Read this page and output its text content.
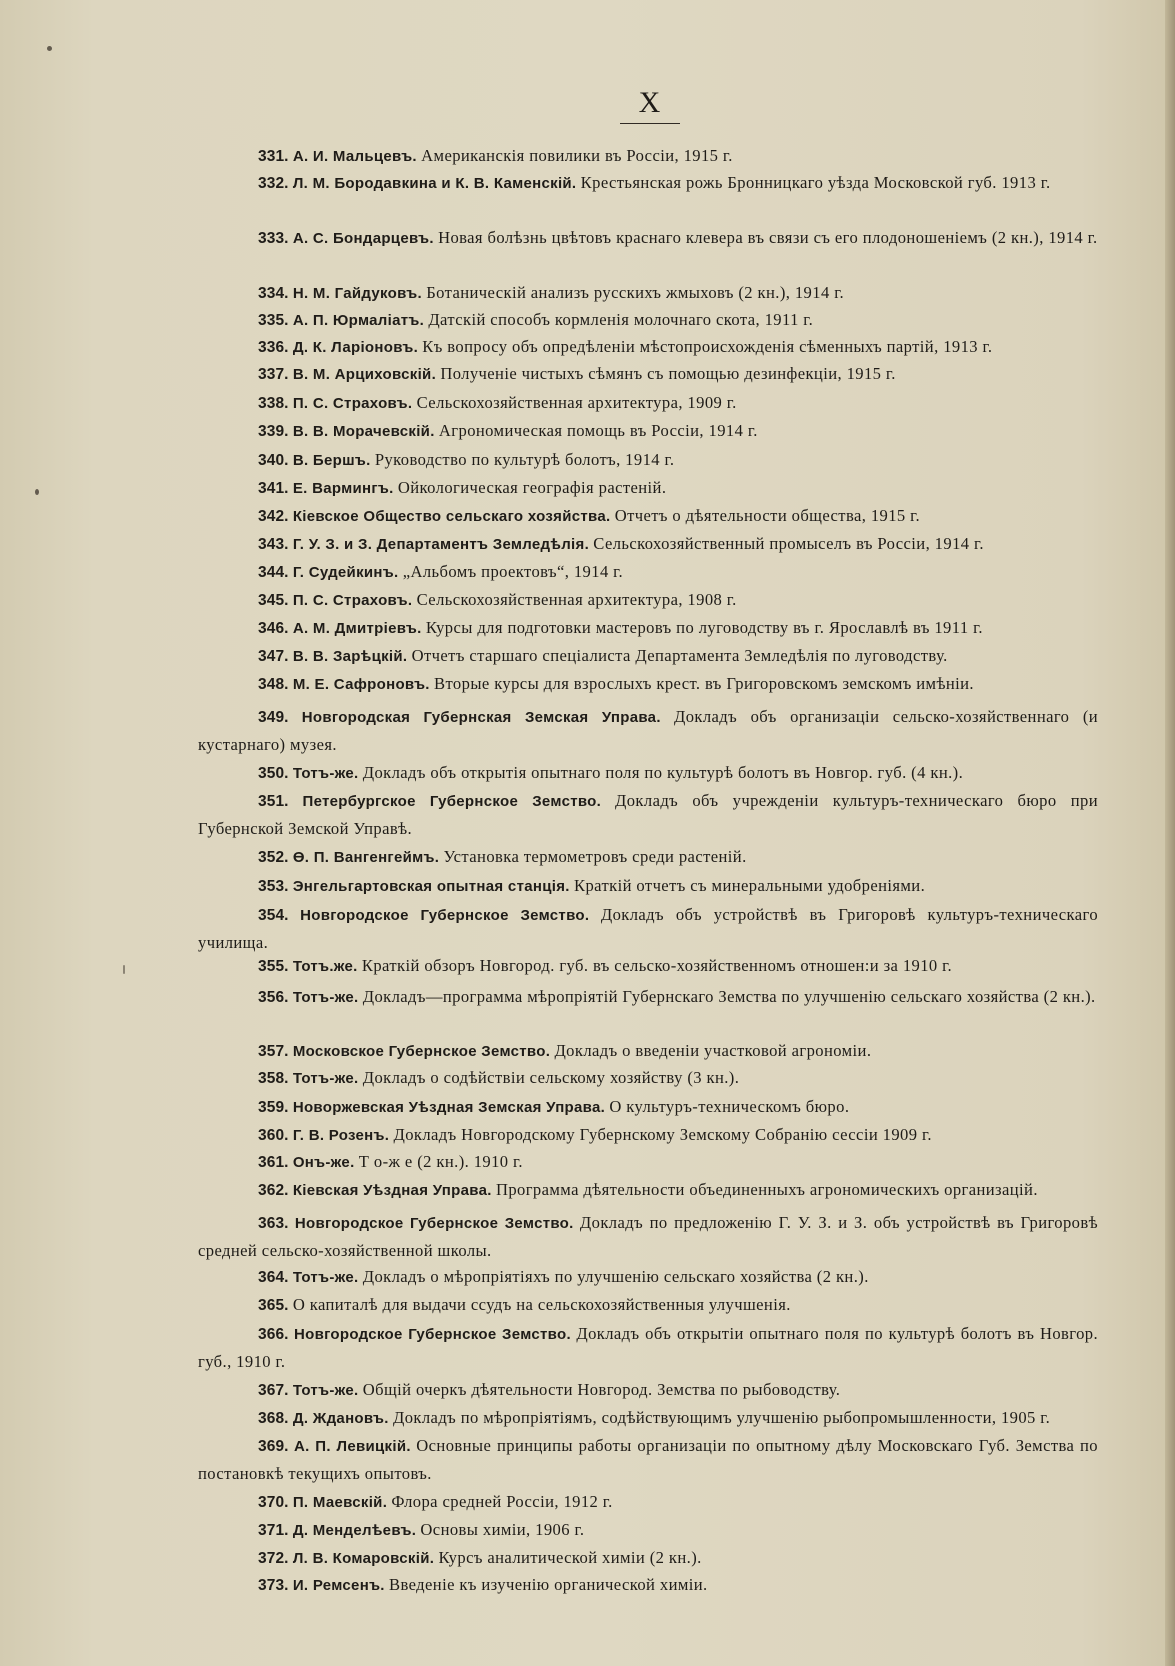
X
331. А. И. Мальцевъ. Американскія повилики въ Россіи, 1915 г.
332. Л. М. Бородавкина и К. В. Каменскій. Крестьянская рожь Бронницкаго уѣзда Московской губ. 1913 г.
333. А. С. Бондарцевъ. Новая болѣзнь цвѣтовъ краснаго клевера въ связи съ его плодоношеніемъ (2 кн.), 1914 г.
334. Н. М. Гайдуковъ. Ботаническій анализъ русскихъ жмыховъ (2 кн.), 1914 г.
335. А. П. Юрмаліатъ. Датскій способъ кормленія молочнаго скота, 1911 г.
336. Д. К. Ларіоновъ. Къ вопросу объ опредѣленіи мѣстопроисхожденія сѣменныхъ партій, 1913 г.
337. В. М. Арциховскій. Полученіе чистыхъ сѣмянъ съ помощью дезинфекціи, 1915 г.
338. П. С. Страховъ. Сельскохозяйственная архитектура, 1909 г.
339. В. В. Морачевскій. Агрономическая помощь въ Россіи, 1914 г.
340. В. Бершъ. Руководство по культурѣ болотъ, 1914 г.
341. Е. Вармингъ. Ойкологическая географія растеній.
342. Кіевское Общество сельскаго хозяйства. Отчетъ о дѣятельности общества, 1915 г.
343. Г. У. З. и З. Департаментъ Земледѣлія. Сельскохозяйственный промыселъ въ Россіи, 1914 г.
344. Г. Судейкинъ. „Альбомъ проектовъ“, 1914 г.
345. П. С. Страховъ. Сельскохозяйственная архитектура, 1908 г.
346. А. М. Дмитріевъ. Курсы для подготовки мастеровъ по луговодству въ г. Ярославлѣ въ 1911 г.
347. В. В. Зарѣцкій. Отчетъ старшаго спеціалиста Департамента Земледѣлія по луговодству.
348. М. Е. Сафроновъ. Вторые курсы для взрослыхъ крест. въ Григоровскомъ земскомъ имѣніи.
349. Новгородская Губернская Земская Управа. Докладъ объ организаціи сельско-хозяйственнаго (и кустарнаго) музея.
350. Тотъ-же. Докладъ объ открытія опытнаго поля по культурѣ болотъ въ Новгор. губ. (4 кн.).
351. Петербургское Губернское Земство. Докладъ объ учрежденіи культуръ-техническаго бюро при Губернской Земской Управѣ.
352. Ө. П. Вангенгеймъ. Установка термометровъ среди растеній.
353. Энгельгартовская опытная станція. Краткій отчетъ съ минеральными удобреніями.
354. Новгородское Губернское Земство. Докладъ объ устройствѣ въ Григоровѣ культуръ-техническаго училища.
355. Тотъ.же. Краткій обзоръ Новгород. губ. въ сельско-хозяйственномъ отношен:и за 1910 г.
356. Тотъ-же. Докладъ—программа мѣропріятій Губернскаго Земства по улучшенію сельскаго хозяйства (2 кн.).
357. Московское Губернское Земство. Докладъ о введеніи участковой агрономіи.
358. Тотъ-же. Докладъ о содѣйствіи сельскому хозяйству (3 кн.).
359. Новоржевская Уѣздная Земская Управа. О культуръ-техническомъ бюро.
360. Г. В. Розенъ. Докладъ Новгородскому Губернскому Земскому Собранію сессіи 1909 г.
361. Онъ-же. Т о-ж е (2 кн.). 1910 г.
362. Кіевская Уѣздная Управа. Программа дѣятельности объединенныхъ агрономическихъ организацій.
363. Новгородское Губернское Земство. Докладъ по предложенію Г. У. З. и З. объ устройствѣ въ Григоровѣ средней сельско-хозяйственной школы.
364. Тотъ-же. Докладъ о мѣропріятіяхъ по улучшенію сельскаго хозяйства (2 кн.).
365. О капиталѣ для выдачи ссудъ на сельскохозяйственныя улучшенія.
366. Новгородское Губернское Земство. Докладъ объ открытіи опытнаго поля по культурѣ болотъ въ Новгор. губ., 1910 г.
367. Тотъ-же. Общій очеркъ дѣятельности Новгород. Земства по рыбоводству.
368. Д. Ждановъ. Докладъ по мѣропріятіямъ, содѣйствующимъ улучшенію рыбопромышленности, 1905 г.
369. А. П. Левицкій. Основные принципы работы организаціи по опытному дѣлу Московскаго Губ. Земства по постановкѣ текущихъ опытовъ.
370. П. Маевскій. Флора средней Россіи, 1912 г.
371. Д. Менделѣевъ. Основы химіи, 1906 г.
372. Л. В. Комаровскій. Курсъ аналитической химіи (2 кн.).
373. И. Ремсенъ. Введеніе къ изученію органической химіи.
